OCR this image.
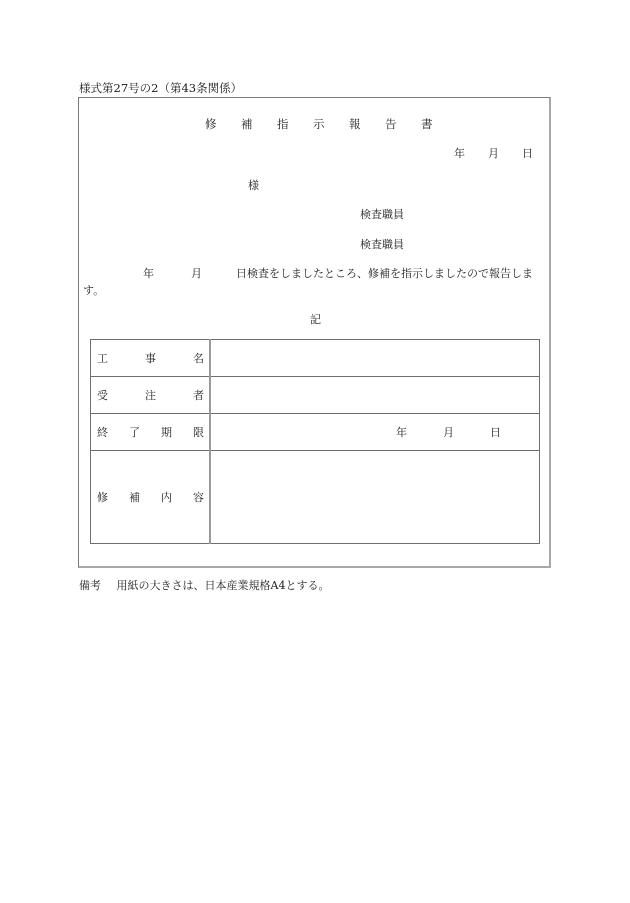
様式第27号の2（第43条関係）
修	補	指	示	報	告	書
年	月	日
様
検査職員
検査職員
年	月	日検査をしましたところ、修補を指示しましたので報告しま
す。
記
工 事 名	

受 注 者	

終 了 期 限	年 月 日

修 補 内 容	

備考 用紙の大きさは、日本産業規格A4とする。
